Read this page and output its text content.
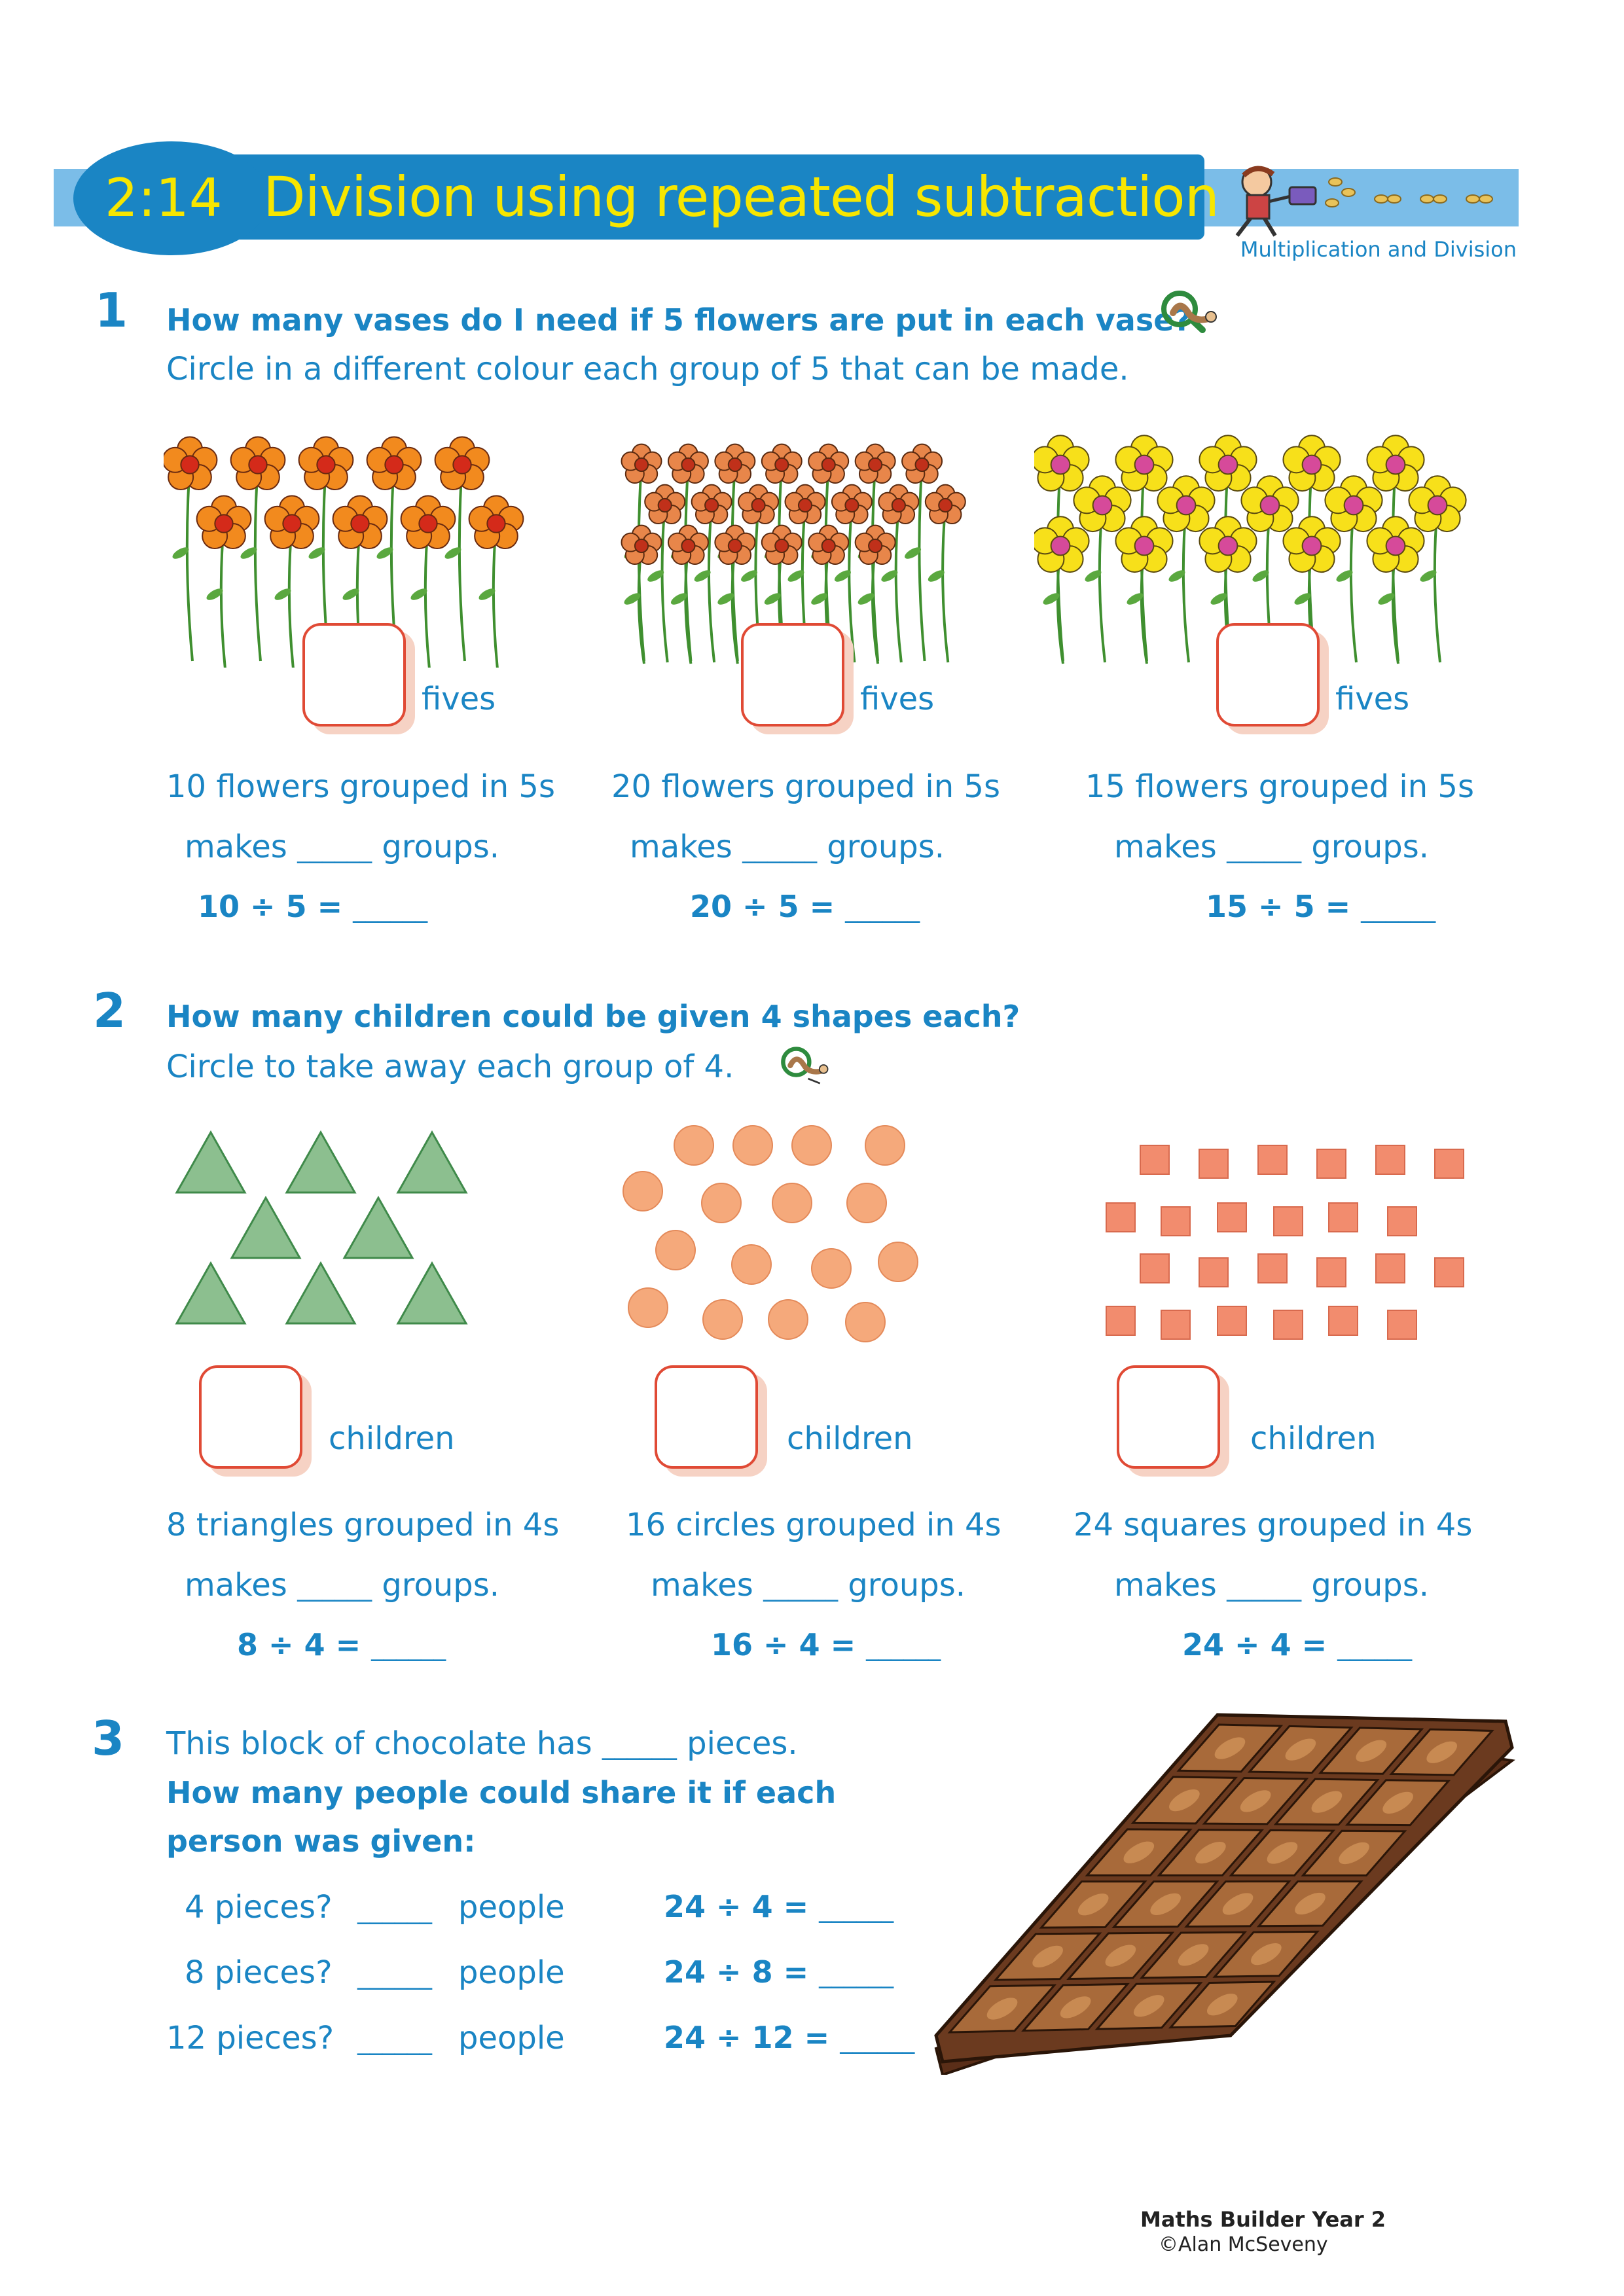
2:14 Division using repeated subtraction
Multiplication and Division
1 How many vases do I need if 5 flowers are put in each vase?
Circle in a different colour each group of 5 that can be made.
fives	fives	fives
10 flowers grouped in 5s
makes ______ groups.
10 ÷ 5 = ______
20 flowers grouped in 5s
makes ______ groups.
20 ÷ 5 = ______
15 flowers grouped in 5s
makes ______ groups.
15 ÷ 5 = ______
2 How many children could be given 4 shapes each?
Circle to take away each group of 4.
children	children	children
8 triangles grouped in 4s
makes ______ groups.
8 ÷ 4 = ______
16 circles grouped in 4s
makes ______ groups.
16 ÷ 4 = ______
24 squares grouped in 4s
makes ______ groups.
24 ÷ 4 = ______
3 This block of chocolate has ______ pieces.
How many people could share it if each
person was given:
4 pieces? ______ people	24 ÷ 4 = ______
8 pieces? ______ people	24 ÷ 8 = ______
12 pieces? ______ people	24 ÷ 12 = ______
Maths Builder Year 2
©Alan McSeveny
